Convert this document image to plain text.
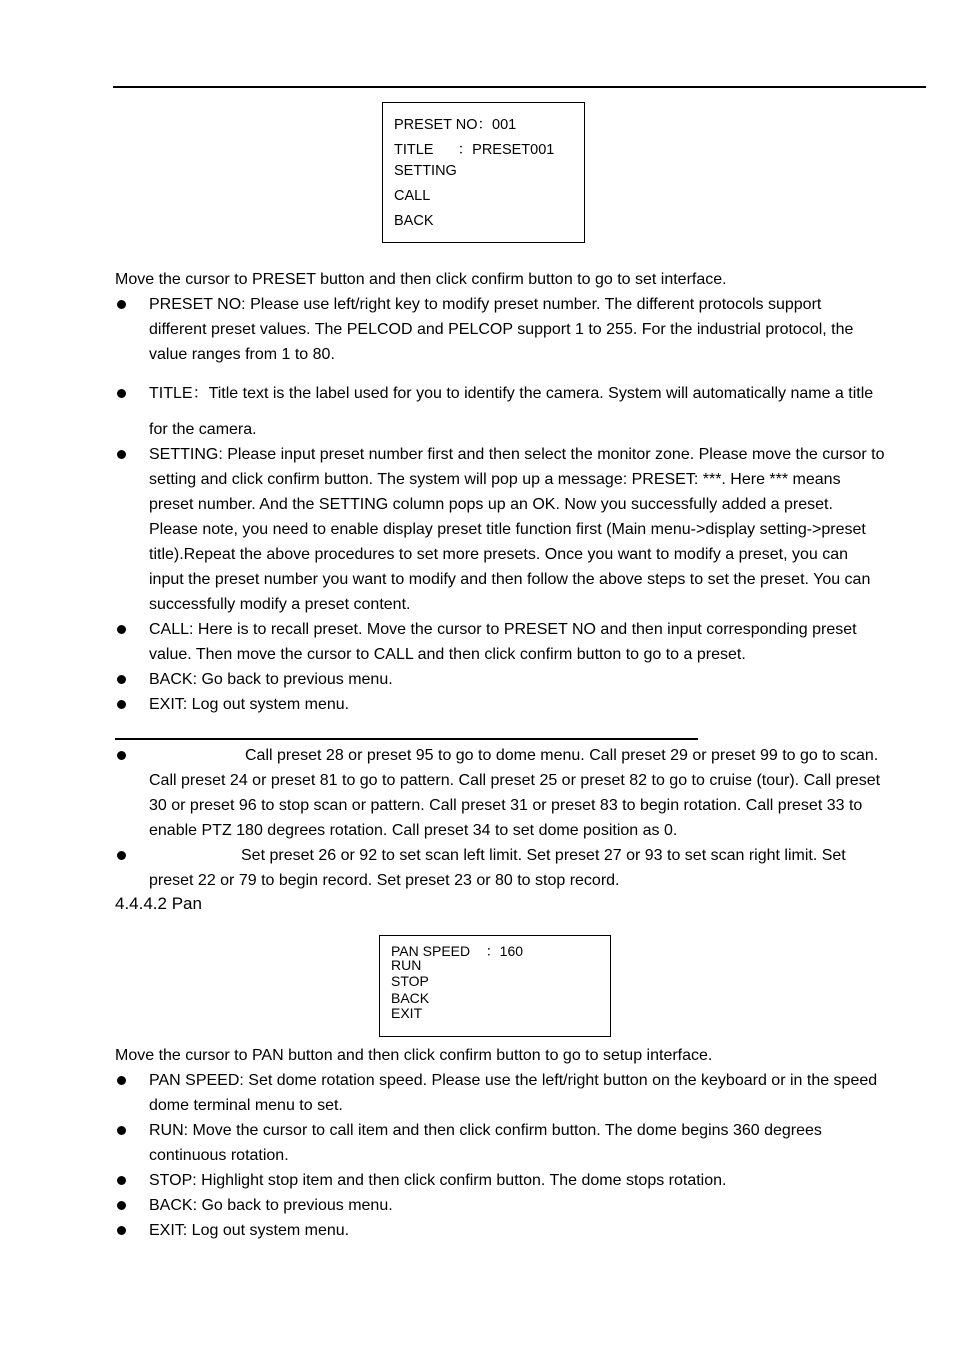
PRESET NO：001
TITLE      ：PRESET001
SETTING
CALL
BACK
Move the cursor to PRESET button and then click confirm button to go to set interface.
PRESET NO: Please use left/right key to modify preset number. The different protocols support
different preset values. The PELCOD and PELCOP support 1 to 255. For the industrial protocol, the
value ranges from 1 to 80.
TITLE：Title text is the label used for you to identify the camera. System will automatically name a title
for the camera.
SETTING: Please input preset number first and then select the monitor zone. Please move the cursor to
setting and click confirm button. The system will pop up a message: PRESET: ***. Here *** means
preset number. And the SETTING column pops up an OK. Now you successfully added a preset.
Please note, you need to enable display preset title function first (Main menu->display setting->preset
title).Repeat the above procedures to set more presets. Once you want to modify a preset, you can
input the preset number you want to modify and then follow the above steps to set the preset. You can
successfully modify a preset content.
CALL: Here is to recall preset. Move the cursor to PRESET NO and then input corresponding preset
value. Then move the cursor to CALL and then click confirm button to go to a preset.
BACK: Go back to previous menu.
EXIT: Log out system menu.
Call preset 28 or preset 95 to go to dome menu. Call preset 29 or preset 99 to go to scan.
Call preset 24 or preset 81 to go to pattern. Call preset 25 or preset 82 to go to cruise (tour). Call preset
30 or preset 96 to stop scan or pattern. Call preset 31 or preset 83 to begin rotation. Call preset 33 to
enable PTZ 180 degrees rotation. Call preset 34 to set dome position as 0.
Set preset 26 or 92 to set scan left limit. Set preset 27 or 93 to set scan right limit. Set
preset 22 or 79 to begin record. Set preset 23 or 80 to stop record.
4.4.4.2 Pan
PAN SPEED    ：160
RUN
STOP
BACK
EXIT
Move the cursor to PAN button and then click confirm button to go to setup interface.
PAN SPEED: Set dome rotation speed. Please use the left/right button on the keyboard or in the speed
dome terminal menu to set.
RUN: Move the cursor to call item and then click confirm button. The dome begins 360 degrees
continuous rotation.
STOP: Highlight stop item and then click confirm button. The dome stops rotation.
BACK: Go back to previous menu.
EXIT: Log out system menu.
